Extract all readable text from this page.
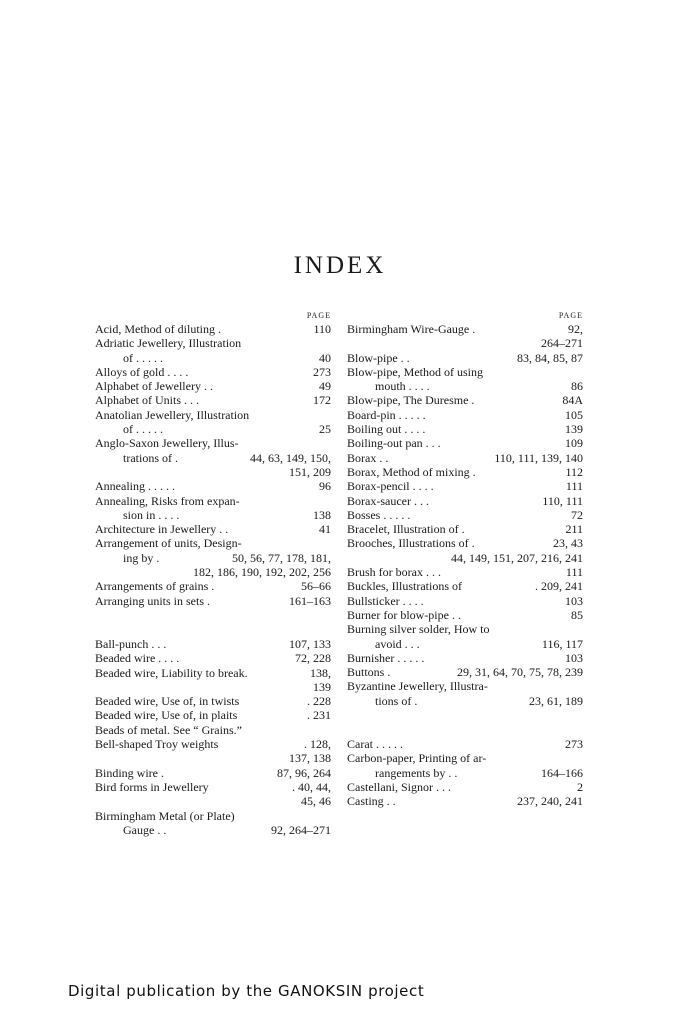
INDEX
PAGE
Acid, Method of diluting .	110
Adriatic Jewellery, Illustration
of . . . . .	40
Alloys of gold . . . .	273
Alphabet of Jewellery . .	49
Alphabet of Units . . .	172
Anatolian Jewellery, Illustration
of . . . . .	25
Anglo-Saxon Jewellery, Illus-
trations of .	44, 63, 149, 150,
151, 209
Annealing . . . . .	96
Annealing, Risks from expan-
sion in . . . .	138
Architecture in Jewellery . .	41
Arrangement of units, Design-
ing by .	50, 56, 77, 178, 181,
182, 186, 190, 192, 202, 256
Arrangements of grains .	56–66
Arranging units in sets .	161–163
Ball-punch . . .	107, 133
Beaded wire . . . .	72, 228
Beaded wire, Liability to break.	138,
139
Beaded wire, Use of, in twists	. 228
Beaded wire, Use of, in plaits	. 231
Beads of metal. See “ Grains.”
Bell-shaped Troy weights	. 128,
137, 138
Binding wire .	87, 96, 264
Bird forms in Jewellery	. 40, 44,
45, 46
Birmingham Metal (or Plate)
Gauge . .	92, 264–271
PAGE
Birmingham Wire-Gauge .	92,
264–271
Blow-pipe . .	83, 84, 85, 87
Blow-pipe, Method of using
mouth . . . .	86
Blow-pipe, The Duresme .	84A
Board-pin . . . . .	105
Boiling out . . . .	139
Boiling-out pan . . .	109
Borax . .	110, 111, 139, 140
Borax, Method of mixing .	112
Borax-pencil . . . .	111
Borax-saucer . . .	110, 111
Bosses . . . . .	72
Bracelet, Illustration of .	211
Brooches, Illustrations of .	23, 43
44, 149, 151, 207, 216, 241
Brush for borax . . .	111
Buckles, Illustrations of	. 209, 241
Bullsticker . . . .	103
Burner for blow-pipe . .	85
Burning silver solder, How to
avoid . . .	116, 117
Burnisher . . . . .	103
Buttons .	29, 31, 64, 70, 75, 78, 239
Byzantine Jewellery, Illustra-
tions of .	23, 61, 189
Carat . . . . .	273
Carbon-paper, Printing of ar-
rangements by . .	164–166
Castellani, Signor . . .	2
Casting . .	237, 240, 241
Digital publication by the GANOKSIN project
